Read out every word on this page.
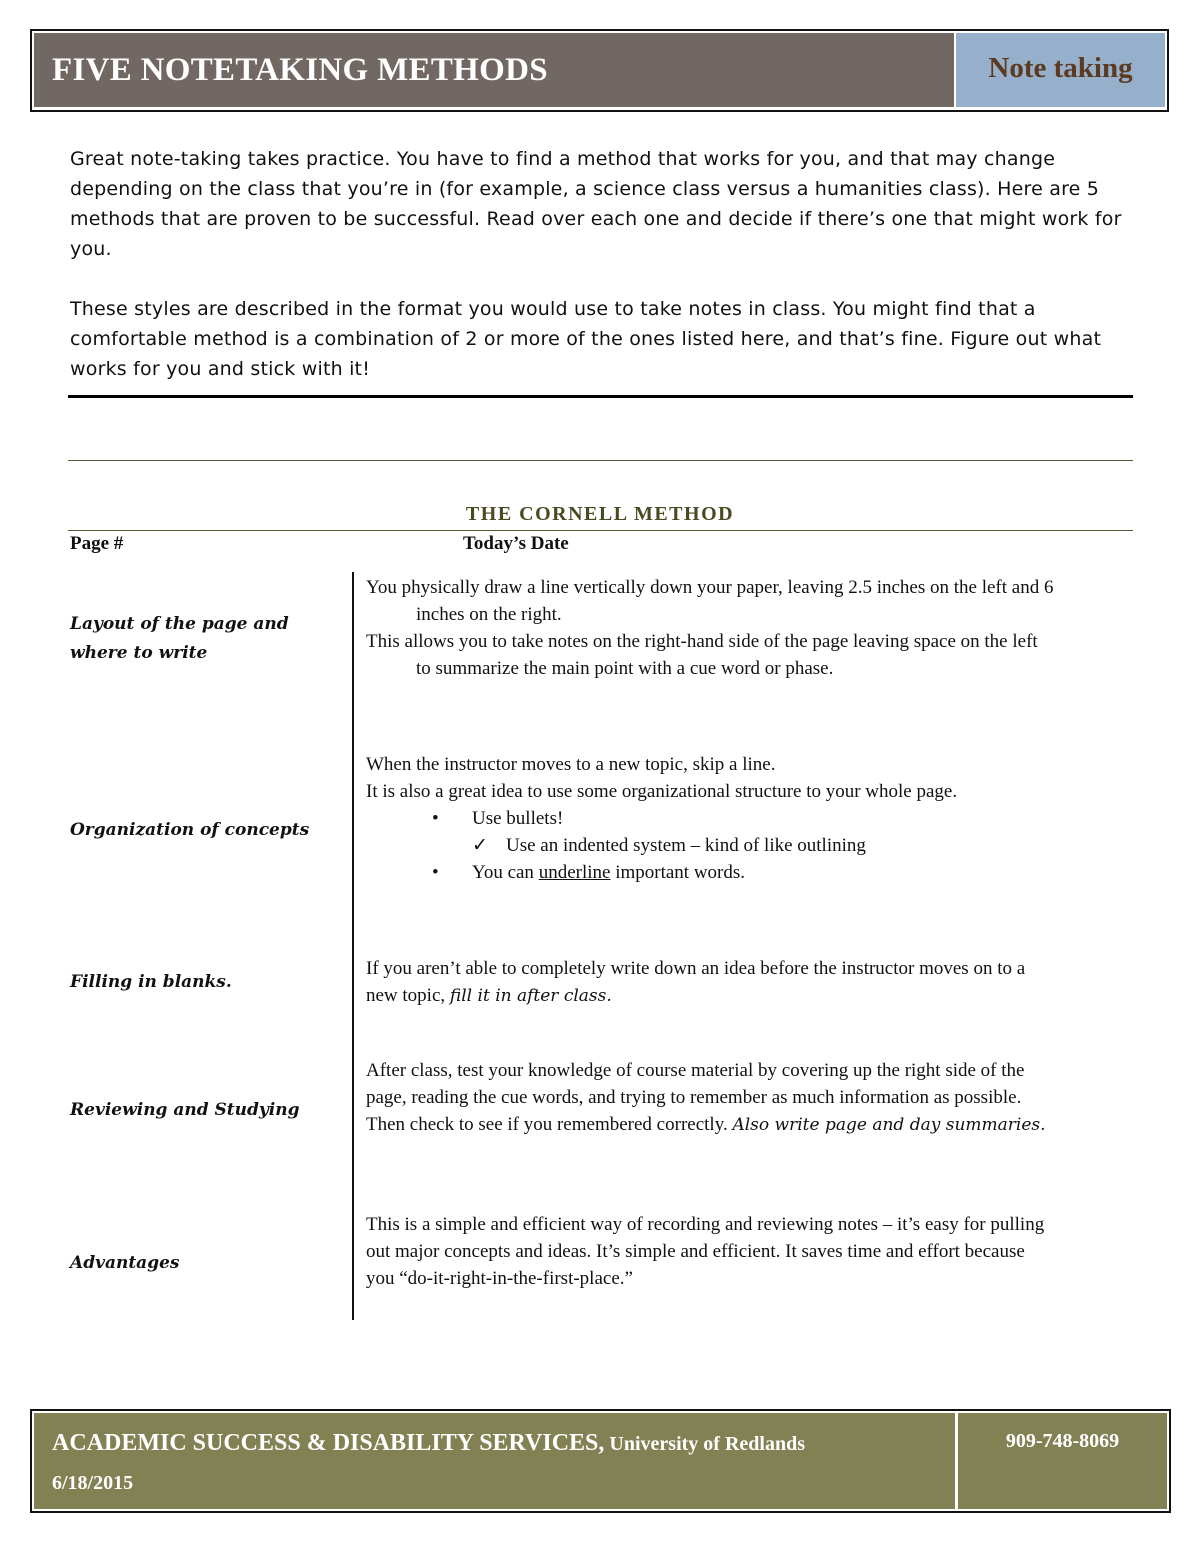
FIVE NOTETAKING METHODS	Note taking

Great note-taking takes practice. You have to find a method that works for you, and that may change depending on the class that you’re in (for example, a science class versus a humanities class). Here are 5 methods that are proven to be successful. Read over each one and decide if there’s one that might work for you.

These styles are described in the format you would use to take notes in class. You might find that a comfortable method is a combination of 2 or more of the ones listed here, and that’s fine. Figure out what works for you and stick with it!

THE CORNELL METHOD
Page #	Today’s Date
Layout of the page and where to write

You physically draw a line vertically down your paper, leaving 2.5 inches on the left and 6 inches on the right.

This allows you to take notes on the right-hand side of the page leaving space on the left to summarize the main point with a cue word or phase.

Organization of concepts

When the instructor moves to a new topic, skip a line.

It is also a great idea to use some organizational structure to your whole page.

• Use bullets!

✓ Use an indented system – kind of like outlining

• You can underline important words.

Filling in blanks.

If you aren’t able to completely write down an idea before the instructor moves on to a new topic, fill it in after class.

Reviewing and Studying

After class, test your knowledge of course material by covering up the right side of the page, reading the cue words, and trying to remember as much information as possible. Then check to see if you remembered correctly. Also write page and day summaries.

Advantages

This is a simple and efficient way of recording and reviewing notes – it’s easy for pulling out major concepts and ideas. It’s simple and efficient. It saves time and effort because you “do-it-right-in-the-first-place.”

ACADEMIC SUCCESS & DISABILITY SERVICES, University of Redlands
6/18/2015
909-748-8069
